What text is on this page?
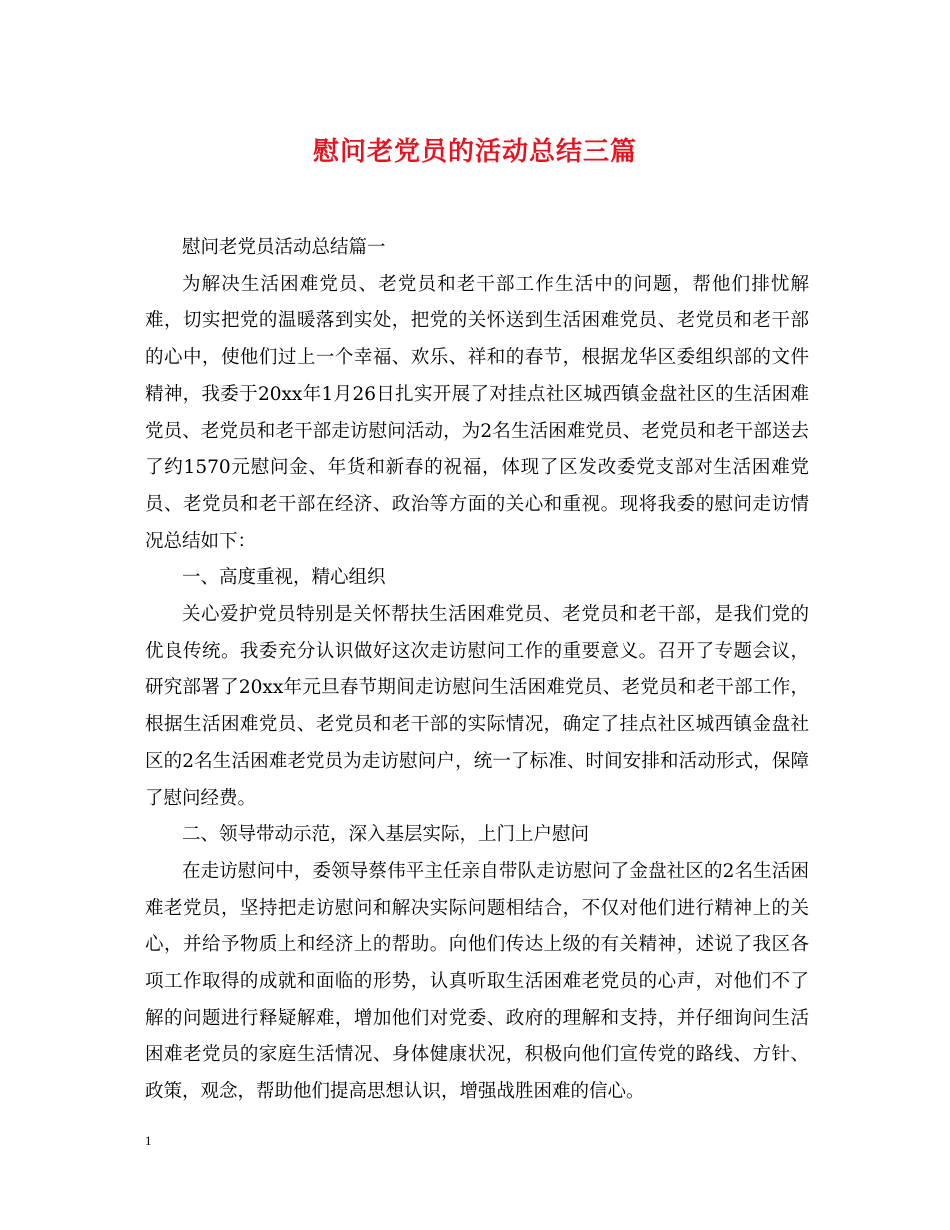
慰问老党员的活动总结三篇

慰问老党员活动总结篇一

为解决生活困难党员、老党员和老干部工作生活中的问题，帮他们排忧解难，切实把党的温暖落到实处，把党的关怀送到生活困难党员、老党员和老干部的心中，使他们过上一个幸福、欢乐、祥和的春节，根据龙华区委组织部的文件精神，我委于20xx年1月26日扎实开展了对挂点社区城西镇金盘社区的生活困难党员、老党员和老干部走访慰问活动，为2名生活困难党员、老党员和老干部送去了约1570元慰问金、年货和新春的祝福，体现了区发改委党支部对生活困难党员、老党员和老干部在经济、政治等方面的关心和重视。现将我委的慰问走访情况总结如下：

一、高度重视，精心组织

关心爱护党员特别是关怀帮扶生活困难党员、老党员和老干部，是我们党的优良传统。我委充分认识做好这次走访慰问工作的重要意义。召开了专题会议，研究部署了20xx年元旦春节期间走访慰问生活困难党员、老党员和老干部工作，根据生活困难党员、老党员和老干部的实际情况，确定了挂点社区城西镇金盘社区的2名生活困难老党员为走访慰问户，统一了标准、时间安排和活动形式，保障了慰问经费。

二、领导带动示范，深入基层实际，上门上户慰问

在走访慰问中，委领导蔡伟平主任亲自带队走访慰问了金盘社区的2名生活困难老党员，坚持把走访慰问和解决实际问题相结合，不仅对他们进行精神上的关心，并给予物质上和经济上的帮助。向他们传达上级的有关精神，述说了我区各项工作取得的成就和面临的形势，认真听取生活困难老党员的心声，对他们不了解的问题进行释疑解难，增加他们对党委、政府的理解和支持，并仔细询问生活困难老党员的家庭生活情况、身体健康状况，积极向他们宣传党的路线、方针、政策，观念，帮助他们提高思想认识，增强战胜困难的信心。

1
